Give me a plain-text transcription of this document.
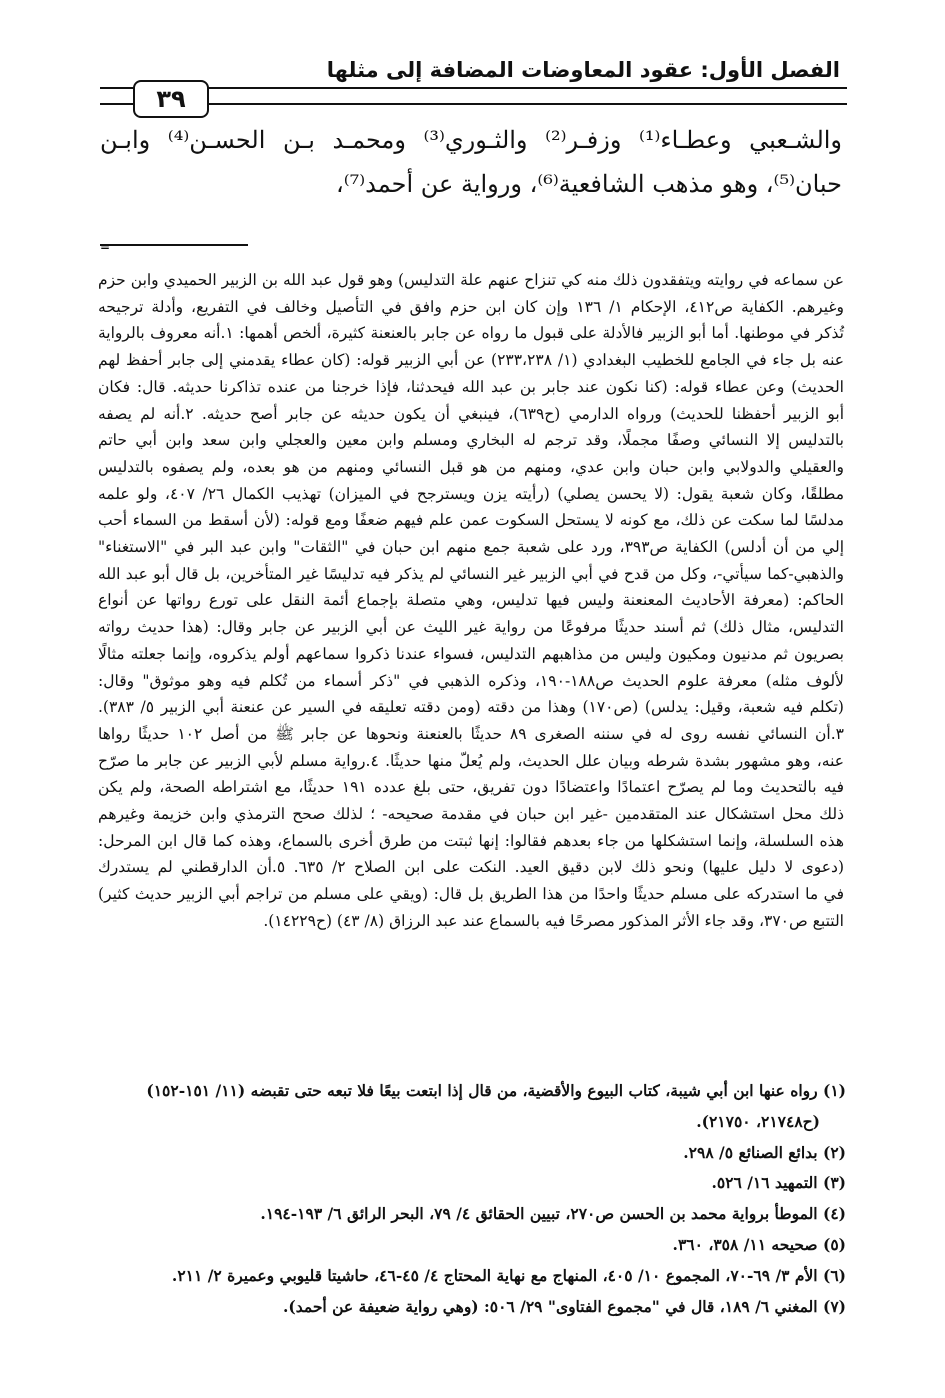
الفصل الأول: عقود المعاوضات المضافة إلى مثلها
٣٩
والشـعبي وعطـاء⁽¹⁾ وزفـر⁽²⁾ والثـوري⁽³⁾ ومحمـد بـن الحسـن⁽⁴⁾ وابـن
حبان⁽⁵⁾، وهو مذهب الشافعية⁽⁶⁾، ورواية عن أحمد⁽⁷⁾،
=
عن سماعه في روايته ويتفقدون ذلك منه كي تنزاح عنهم علة التدليس) وهو قول عبد الله بن الزبير الحميدي وابن حزم
وغيرهم. الكفاية ص٤١٢، الإحكام ١/ ١٣٦ وإن كان ابن حزم وافق في التأصيل وخالف في التفريع، وأدلة ترجيحه
تُذكر في موطنها. أما أبو الزبير فالأدلة على قبول ما رواه عن جابر بالعنعنة كثيرة، ألخص أهمها: ١.أنه معروف بالرواية
عنه بل جاء في الجامع للخطيب البغدادي (١/ ٢٣٣،٢٣٨) عن أبي الزبير قوله: (كان عطاء يقدمني إلى جابر أحفظ لهم
الحديث) وعن عطاء قوله: (كنا نكون عند جابر بن عبد الله فيحدثنا، فإذا خرجنا من عنده تذاكرنا حديثه. قال: فكان
أبو الزبير أحفظنا للحديث) ورواه الدارمي (ح٦٣٩)، فينبغي أن يكون حديثه عن جابر أصح حديثه. ٢.أنه لم يصفه
بالتدليس إلا النسائي وصفًا مجملًا، وقد ترجم له البخاري ومسلم وابن معين والعجلي وابن سعد وابن أبي حاتم
والعقيلي والدولابي وابن حبان وابن عدي، ومنهم من هو قبل النسائي ومنهم من هو بعده، ولم يصفوه بالتدليس
مطلقًا، وكان شعبة يقول: (لا يحسن يصلي) (رأيته يزن ويسترجح في الميزان) تهذيب الكمال ٢٦/ ٤٠٧، ولو علمه
مدلسًا لما سكت عن ذلك، مع كونه لا يستحل السكوت عمن علم فيهم ضعفًا ومع قوله: (لأن أسقط من السماء أحب
إلي من أن أدلس) الكفاية ص٣٩٣، ورد على شعبة جمع منهم ابن حبان في "الثقات" وابن عبد البر في "الاستغناء"
والذهبي-كما سيأتي-، وكل من قدح في أبي الزبير غير النسائي لم يذكر فيه تدليسًا غير المتأخرين، بل قال أبو عبد الله
الحاكم: (معرفة الأحاديث المعنعنة وليس فيها تدليس، وهي متصلة بإجماع أئمة النقل على تورع رواتها عن أنواع
التدليس، مثال ذلك) ثم أسند حديثًا مرفوعًا من رواية غير الليث عن أبي الزبير عن جابر وقال: (هذا حديث رواته
بصريون ثم مدنيون ومكيون وليس من مذاهبهم التدليس، فسواء عندنا ذكروا سماعهم أولم يذكروه، وإنما جعلته مثالًا
لألوف مثله) معرفة علوم الحديث ص١٨٨-١٩٠، وذكره الذهبي في "ذكر أسماء من تُكلم فيه وهو موثوق" وقال:
(تكلم فيه شعبة، وقيل: يدلس) (ص١٧٠) وهذا من دقته (ومن دقته تعليقه في السير عن عنعنة أبي الزبير ٥/ ٣٨٣).
٣.أن النسائي نفسه روى له في سننه الصغرى ٨٩ حديثًا بالعنعنة ونحوها عن جابر ﷺ من أصل ١٠٢ حديثًا رواها
عنه، وهو مشهور بشدة شرطه وبيان علل الحديث، ولم يُعلّ منها حديثًا. ٤.رواية مسلم لأبي الزبير عن جابر ما صرّح
فيه بالتحديث وما لم يصرّح اعتمادًا واعتضادًا دون تفريق، حتى بلغ عدده ١٩١ حديثًا، مع اشتراطه الصحة، ولم يكن
ذلك محل استشكال عند المتقدمين -غير ابن حبان في مقدمة صحيحه- ؛ لذلك صحح الترمذي وابن خزيمة وغيرهم
هذه السلسلة، وإنما استشكلها من جاء بعدهم فقالوا: إنها ثبتت من طرق أخرى بالسماع، وهذه كما قال ابن المرحل:
(دعوى لا دليل عليها) ونحو ذلك لابن دقيق العيد. النكت على ابن الصلاح ٢/ ٦٣٥. ٥.أن الدارقطني لم يستدرك
في ما استدركه على مسلم حديثًا واحدًا من هذا الطريق بل قال: (ويقي على مسلم من تراجم أبي الزبير حديث كثير)
التتبع ص٣٧٠، وقد جاء الأثر المذكور مصرحًا فيه بالسماع عند عبد الرزاق (٨/ ٤٣) (ح١٤٢٢٩).
(١) رواه عنها ابن أبي شيبة، كتاب البيوع والأقضية، من قال إذا ابتعت بيعًا فلا تبعه حتى تقبضه (١١/ ١٥١-١٥٢)
(ح٢١٧٤٨، ٢١٧٥٠).
(٢) بدائع الصنائع ٥/ ٢٩٨.
(٣) التمهيد ١٦/ ٥٢٦.
(٤) الموطأ برواية محمد بن الحسن ص٢٧٠، تبيين الحقائق ٤/ ٧٩، البحر الرائق ٦/ ١٩٣-١٩٤.
(٥) صحيحه ١١/ ٣٥٨، ٣٦٠.
(٦) الأم ٣/ ٦٩-٧٠، المجموع ١٠/ ٤٠٥، المنهاج مع نهاية المحتاج ٤/ ٤٥-٤٦، حاشيتا قليوبي وعميرة ٢/ ٢١١.
(٧) المغني ٦/ ١٨٩، قال في "مجموع الفتاوى" ٢٩/ ٥٠٦: (وهي رواية ضعيفة عن أحمد).
